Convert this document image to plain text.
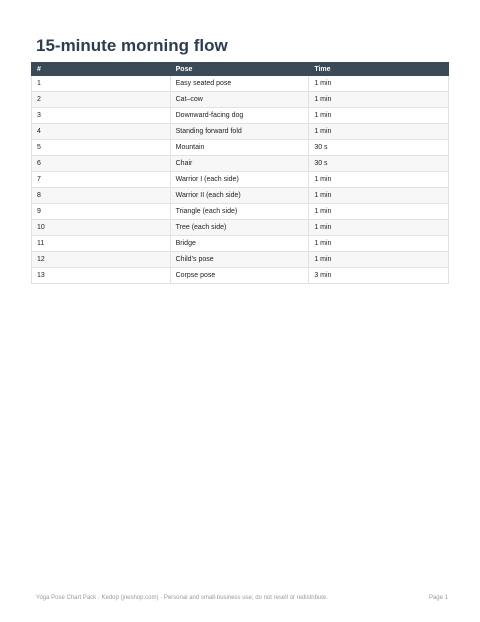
15-minute morning flow
#	Pose	Time
1	Easy seated pose	1 min
2	Cat–cow	1 min
3	Downward-facing dog	1 min
4	Standing forward fold	1 min
5	Mountain	30 s
6	Chair	30 s
7	Warrior I (each side)	1 min
8	Warrior II (each side)	1 min
9	Triangle (each side)	1 min
10	Tree (each side)	1 min
11	Bridge	1 min
12	Child’s pose	1 min
13	Corpse pose	3 min
Yoga Pose Chart Pack · Kedop (jneshop.com) · Personal and small-business use; do not resell or redistribute.	Page 1
